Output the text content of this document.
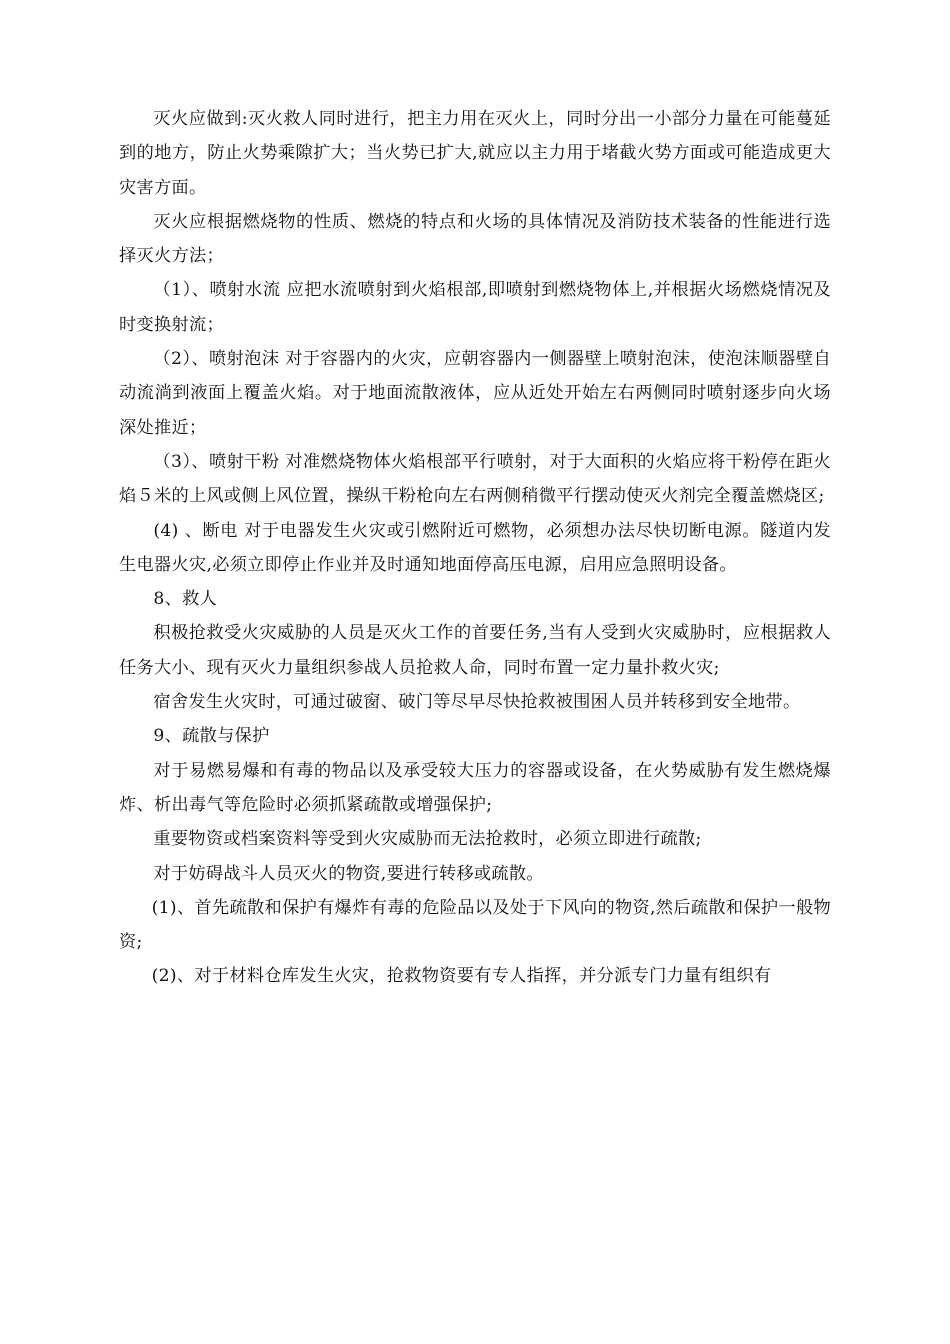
灭火应做到:灭火救人同时进行，把主力用在灭火上，同时分出一小部分力量在可能蔓延到的地方，防止火势乘隙扩大；当火势已扩大,就应以主力用于堵截火势方面或可能造成更大灾害方面。

灭火应根据燃烧物的性质、燃烧的特点和火场的具体情况及消防技术装备的性能进行选择灭火方法；

（1）、喷射水流 应把水流喷射到火焰根部,即喷射到燃烧物体上,并根据火场燃烧情况及时变换射流；

（2）、喷射泡沫 对于容器内的火灾，应朝容器内一侧器壁上喷射泡沫，使泡沫顺器壁自动流淌到液面上覆盖火焰。对于地面流散液体，应从近处开始左右两侧同时喷射逐步向火场深处推近；

（3）、喷射干粉 对准燃烧物体火焰根部平行喷射，对于大面积的火焰应将干粉停在距火焰５米的上风或侧上风位置，操纵干粉枪向左右两侧稍微平行摆动使灭火剂完全覆盖燃烧区;

(4) 、断电 对于电器发生火灾或引燃附近可燃物，必须想办法尽快切断电源。隧道内发生电器火灾,必须立即停止作业并及时通知地面停高压电源，启用应急照明设备。

8、救人

积极抢救受火灾威胁的人员是灭火工作的首要任务,当有人受到火灾威胁时，应根据救人任务大小、现有灭火力量组织参战人员抢救人命，同时布置一定力量扑救火灾;

宿舍发生火灾时，可通过破窗、破门等尽早尽快抢救被围困人员并转移到安全地带。

9、疏散与保护

对于易燃易爆和有毒的物品以及承受较大压力的容器或设备，在火势威胁有发生燃烧爆炸、析出毒气等危险时必须抓紧疏散或增强保护;

重要物资或档案资料等受到火灾威胁而无法抢救时，必须立即进行疏散;

对于妨碍战斗人员灭火的物资,要进行转移或疏散。

(1)、首先疏散和保护有爆炸有毒的危险品以及处于下风向的物资,然后疏散和保护一般物资;

(2)、对于材料仓库发生火灾，抢救物资要有专人指挥，并分派专门力量有组织有
